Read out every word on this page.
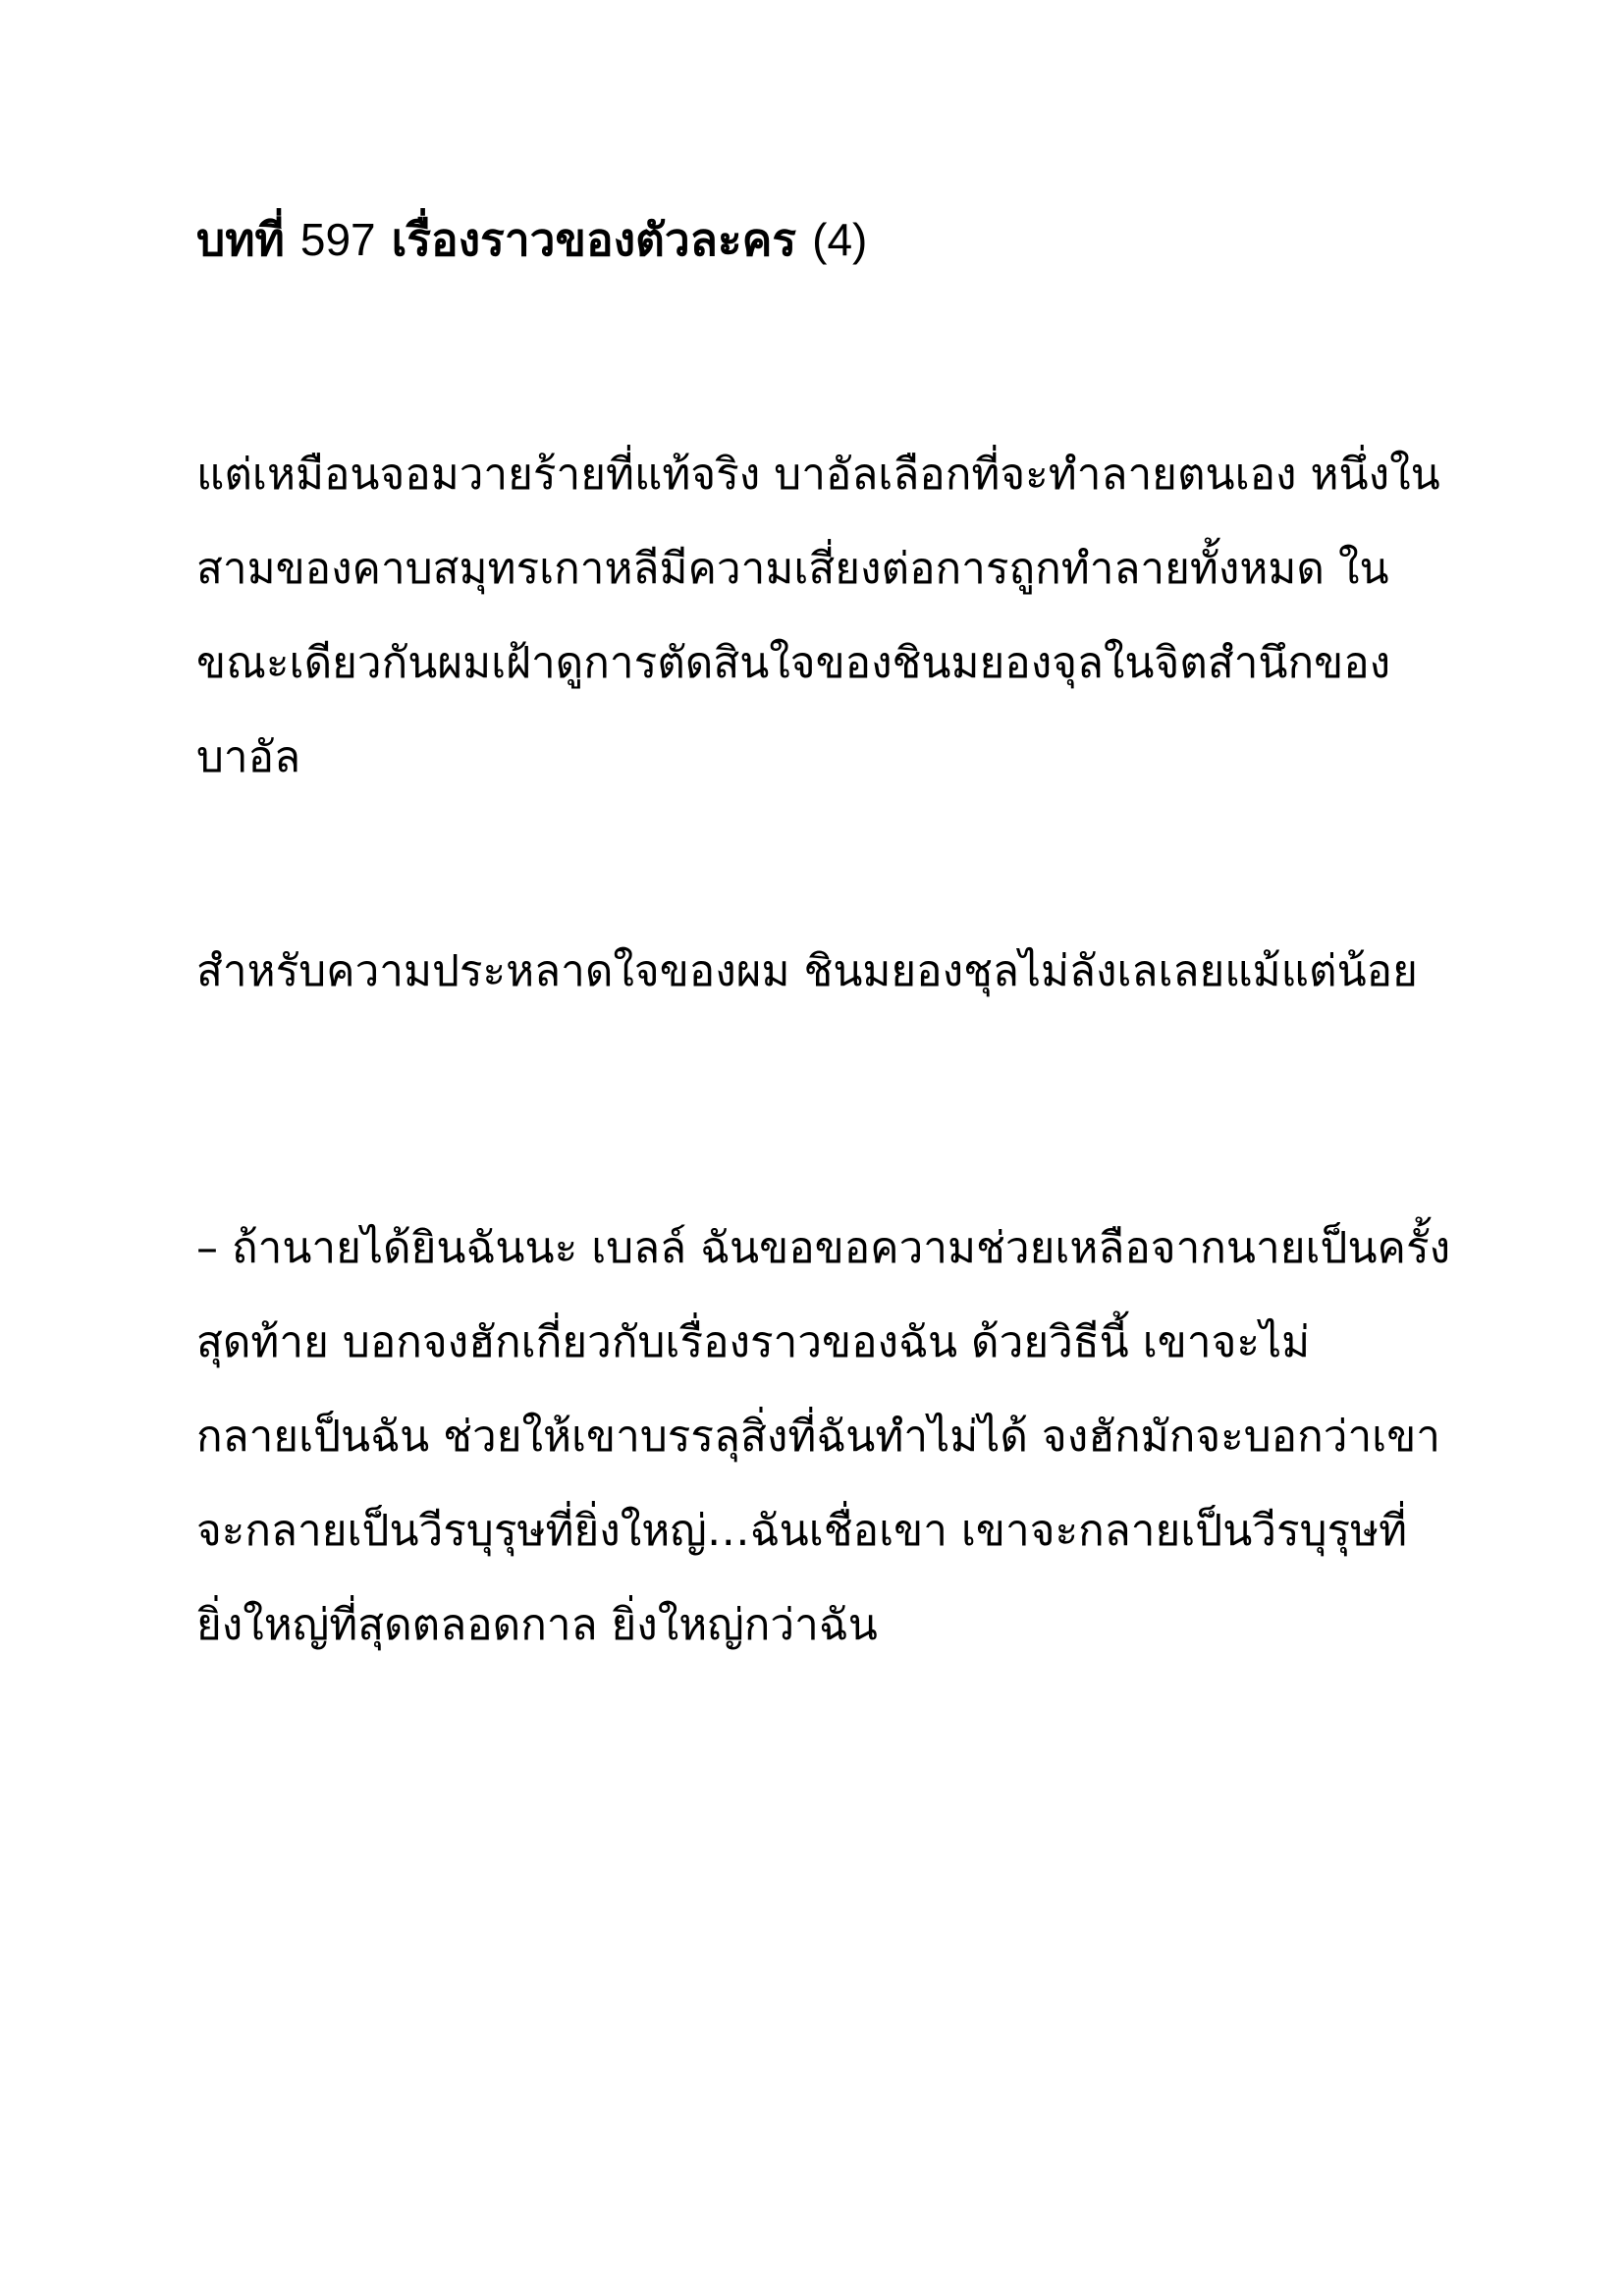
บทที่ 597 เรื่องราวของตัวละคร (4)
แต่เหมือนจอมวายร้ายที่แท้จริง บาอัลเลือกที่จะทำลายตนเอง หนึ่งใน
สามของคาบสมุทรเกาหลีมีความเสี่ยงต่อการถูกทำลายทั้งหมด ใน
ขณะเดียวกันผมเฝ้าดูการตัดสินใจของชินมยองจุลในจิตสำนึกของ
บาอัล
สำหรับความประหลาดใจของผม ชินมยองชุลไม่ลังเลเลยแม้แต่น้อย
– ถ้านายได้ยินฉันนะ เบลล์ ฉันขอขอความช่วยเหลือจากนายเป็นครั้ง
สุดท้าย บอกจงฮักเกี่ยวกับเรื่องราวของฉัน ด้วยวิธีนี้ เขาจะไม่
กลายเป็นฉัน ช่วยให้เขาบรรลุสิ่งที่ฉันทำไม่ได้ จงฮักมักจะบอกว่าเขา
จะกลายเป็นวีรบุรุษที่ยิ่งใหญ่…ฉันเชื่อเขา เขาจะกลายเป็นวีรบุรุษที่
ยิ่งใหญ่ที่สุดตลอดกาล ยิ่งใหญ่กว่าฉัน
